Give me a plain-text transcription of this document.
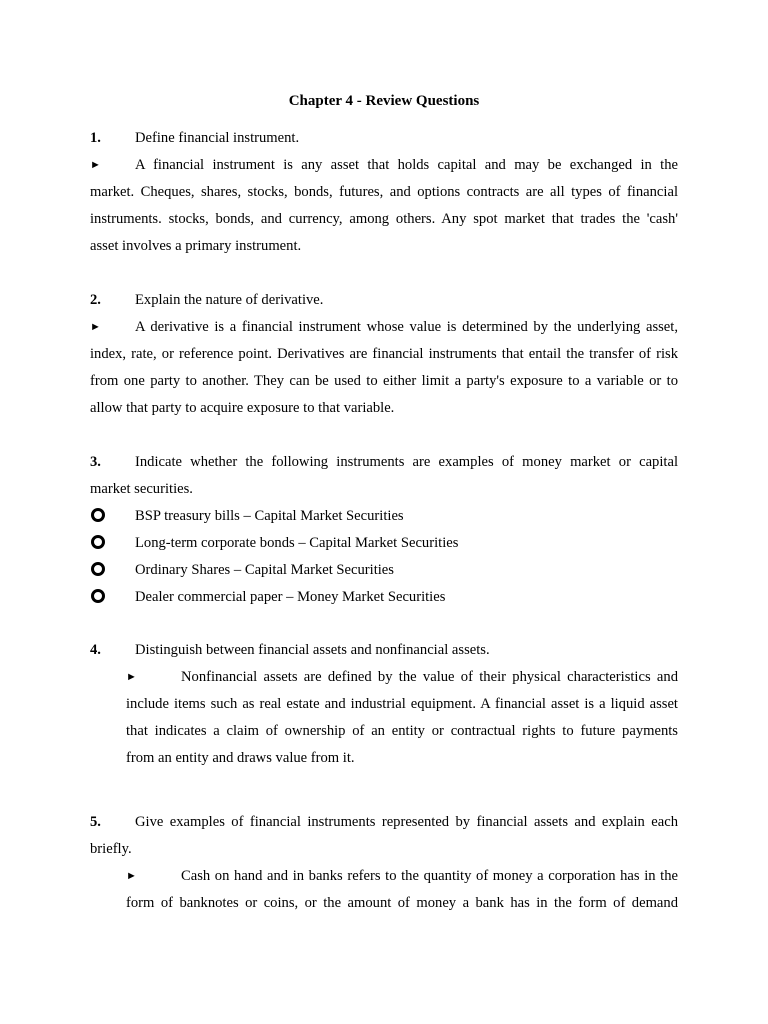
Chapter 4 - Review Questions
1. Define financial instrument.
► A financial instrument is any asset that holds capital and may be exchanged in the
market. Cheques, shares, stocks, bonds, futures, and options contracts are all types of financial
instruments. stocks, bonds, and currency, among others. Any spot market that trades the 'cash'
asset involves a primary instrument.
2. Explain the nature of derivative.
► A derivative is a financial instrument whose value is determined by the underlying asset,
index, rate, or reference point. Derivatives are financial instruments that entail the transfer of risk
from one party to another. They can be used to either limit a party's exposure to a variable or to
allow that party to acquire exposure to that variable.
3. Indicate whether the following instruments are examples of money market or capital
market securities.
BSP treasury bills – Capital Market Securities
Long-term corporate bonds – Capital Market Securities
Ordinary Shares – Capital Market Securities
Dealer commercial paper – Money Market Securities
4. Distinguish between financial assets and nonfinancial assets.
►	Nonfinancial assets are defined by the value of their physical characteristics and
include items such as real estate and industrial equipment. A financial asset is a liquid asset
that indicates a claim of ownership of an entity or contractual rights to future payments
from an entity and draws value from it.
5. Give examples of financial instruments represented by financial assets and explain each
briefly.
►	Cash on hand and in banks refers to the quantity of money a corporation has in the
form of banknotes or coins, or the amount of money a bank has in the form of demand
